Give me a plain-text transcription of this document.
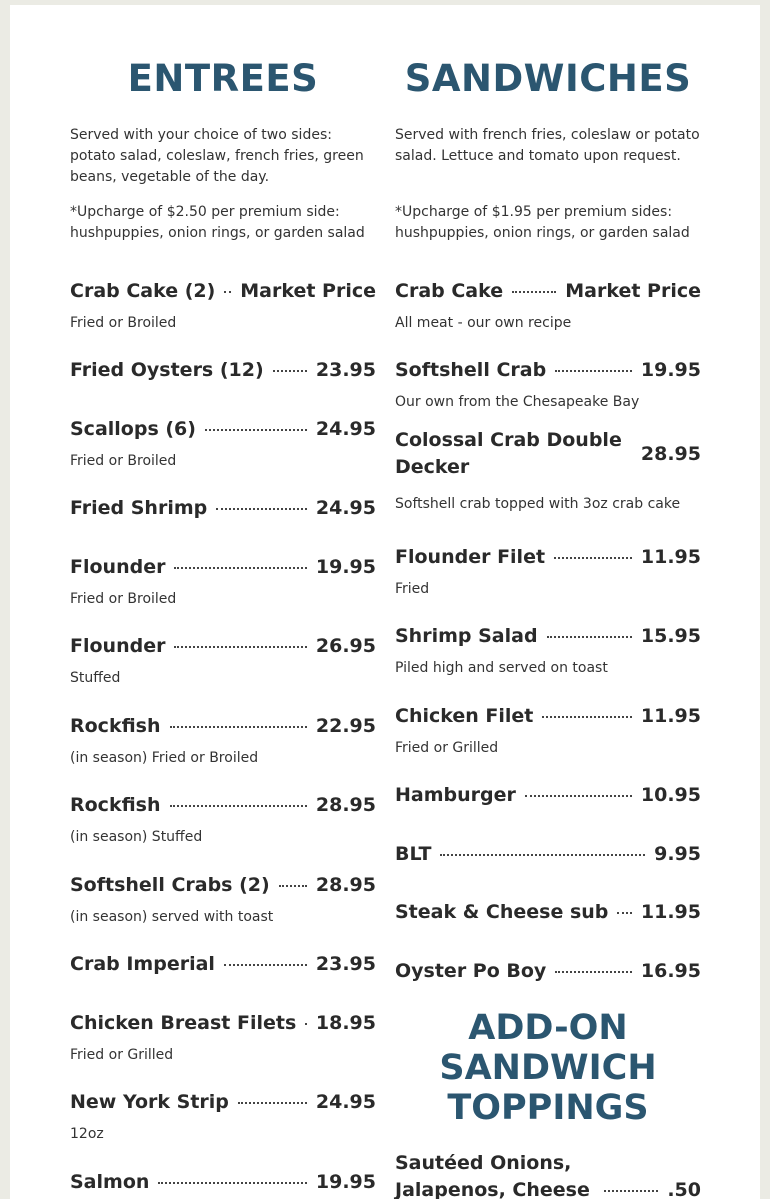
ENTREES
Served with your choice of two sides: potato salad, coleslaw, french fries, green beans, vegetable of the day.
*Upcharge of $2.50 per premium side: hushpuppies, onion rings, or garden salad
Crab Cake (2) Market Price
Fried or Broiled
Fried Oysters (12)	23.95
Scallops (6)	24.95
Fried or Broiled
Fried Shrimp	24.95
Flounder	19.95
Fried or Broiled
Flounder	26.95
Stuffed
Rockfish	22.95
(in season) Fried or Broiled
Rockfish	28.95
(in season) Stuffed
Softshell Crabs (2) 28.95
(in season) served with toast
Crab Imperial	23.95
Chicken Breast Filets 18.95
Fried or Grilled
New York Strip	24.95
12oz
Salmon	19.95
SANDWICHES
Served with french fries, coleslaw or potato salad. Lettuce and tomato upon request.
*Upcharge of $1.95 per premium sides: hushpuppies, onion rings, or garden salad
Crab Cake	Market Price
All meat - our own recipe
Softshell Crab	19.95
Our own from the Chesapeake Bay
Colossal Crab Double Decker
28.95
Softshell crab topped with 3oz crab cake
Flounder Filet	11.95
Fried
Shrimp Salad	15.95
Piled high and served on toast
Chicken Filet	11.95
Fried or Grilled
Hamburger	10.95
BLT	9.95
Steak & Cheese sub 11.95
Oyster Po Boy	16.95
ADD-ON
SANDWICH
TOPPINGS
Sautéed Onions, Jalapenos, Cheese	.50
